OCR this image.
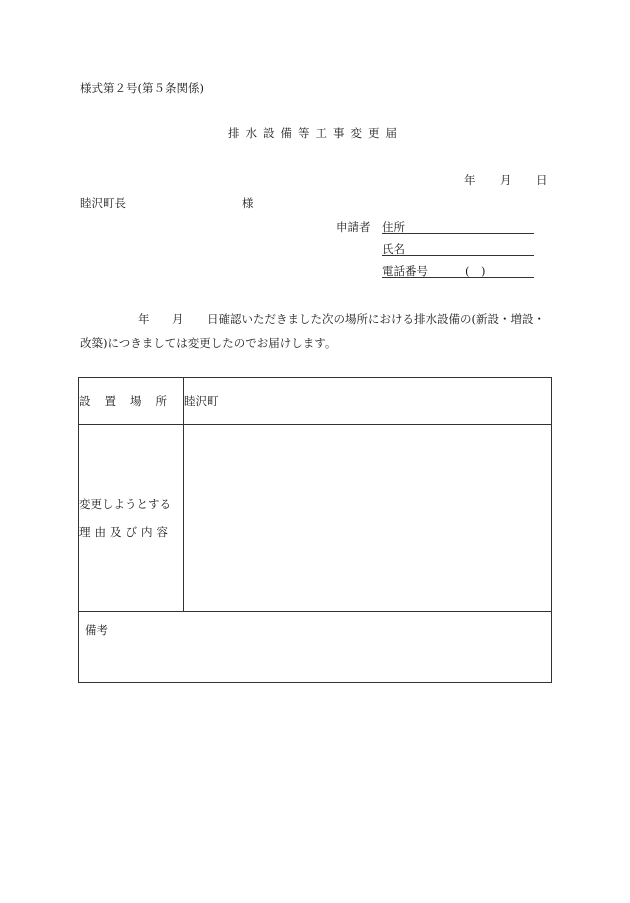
様式第２号(第５条関係)
排水設備等工事変更届
年 月 日
睦沢町長	様
申請者 住所
氏名
電話番号	(　)
年 月 日確認いただきました次の場所における排水設備の(新設・増設・
改築)につきましては変更したのでお届けします。
設置場所	睦沢町

変更しようとする
理由及び内容	

備考	
